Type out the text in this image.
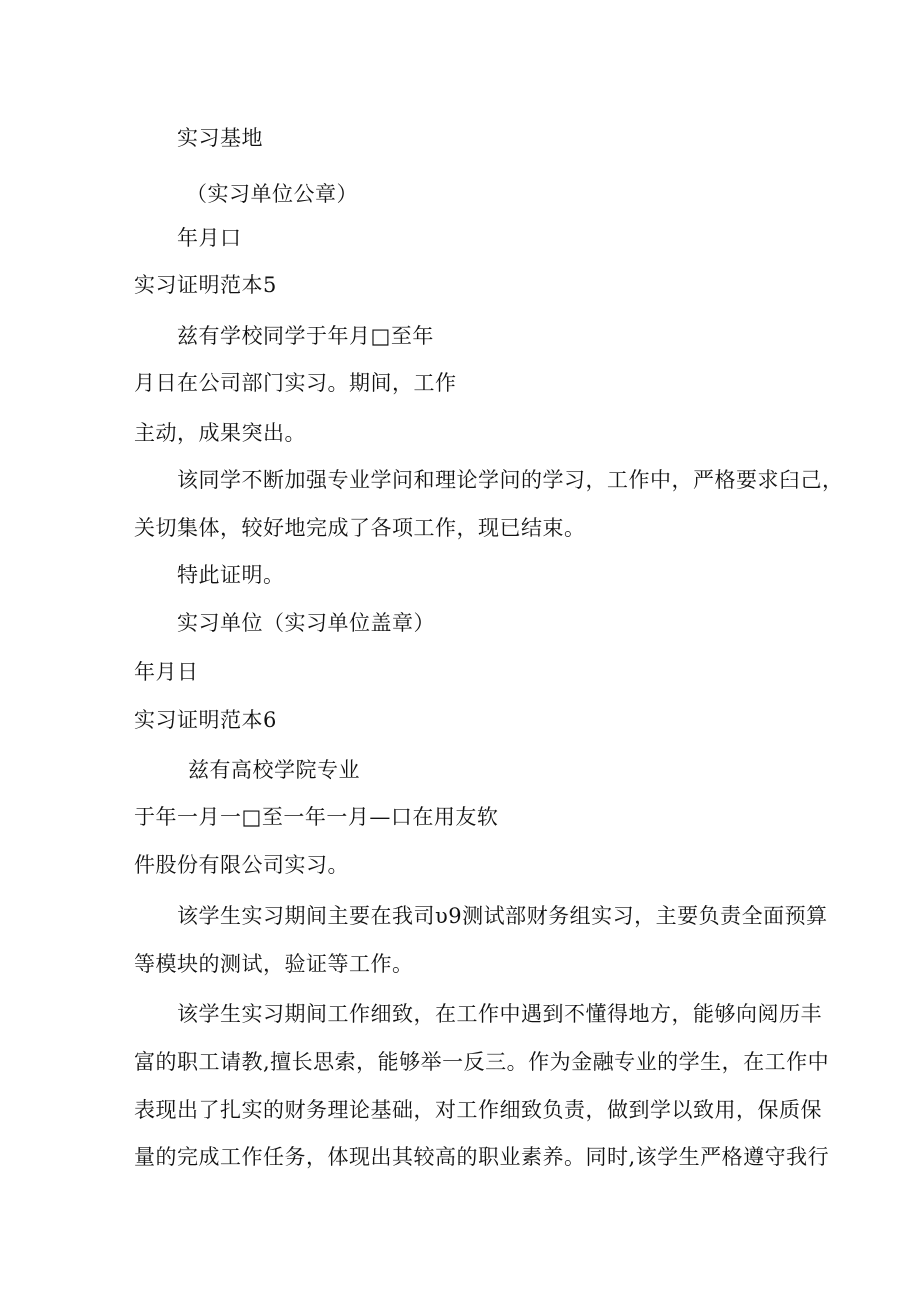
实习基地
（实习单位公章）
年月口
实习证明范本5
兹有学校同学于年月□至年
月日在公司部门实习。期间，工作
主动，成果突出。
该同学不断加强专业学问和理论学问的学习，工作中，严格要求臼己，
关切集体，较好地完成了各项工作，现已结束。
特此证明。
实习单位（实习单位盖章）
年月日
实习证明范本6
兹有高校学院专业
于年一月一□至一年一月—口在用友软
件股份有限公司实习。
该学生实习期间主要在我司υ9测试部财务组实习，主要负责全面预算
等模块的测试，验证等工作。
该学生实习期间工作细致，在工作中遇到不懂得地方，能够向阅历丰
富的职工请教,擅长思索，能够举一反三。作为金融专业的学生，在工作中
表现出了扎实的财务理论基础，对工作细致负责，做到学以致用，保质保
量的完成工作任务，体现出其较高的职业素养。同时,该学生严格遵守我行
